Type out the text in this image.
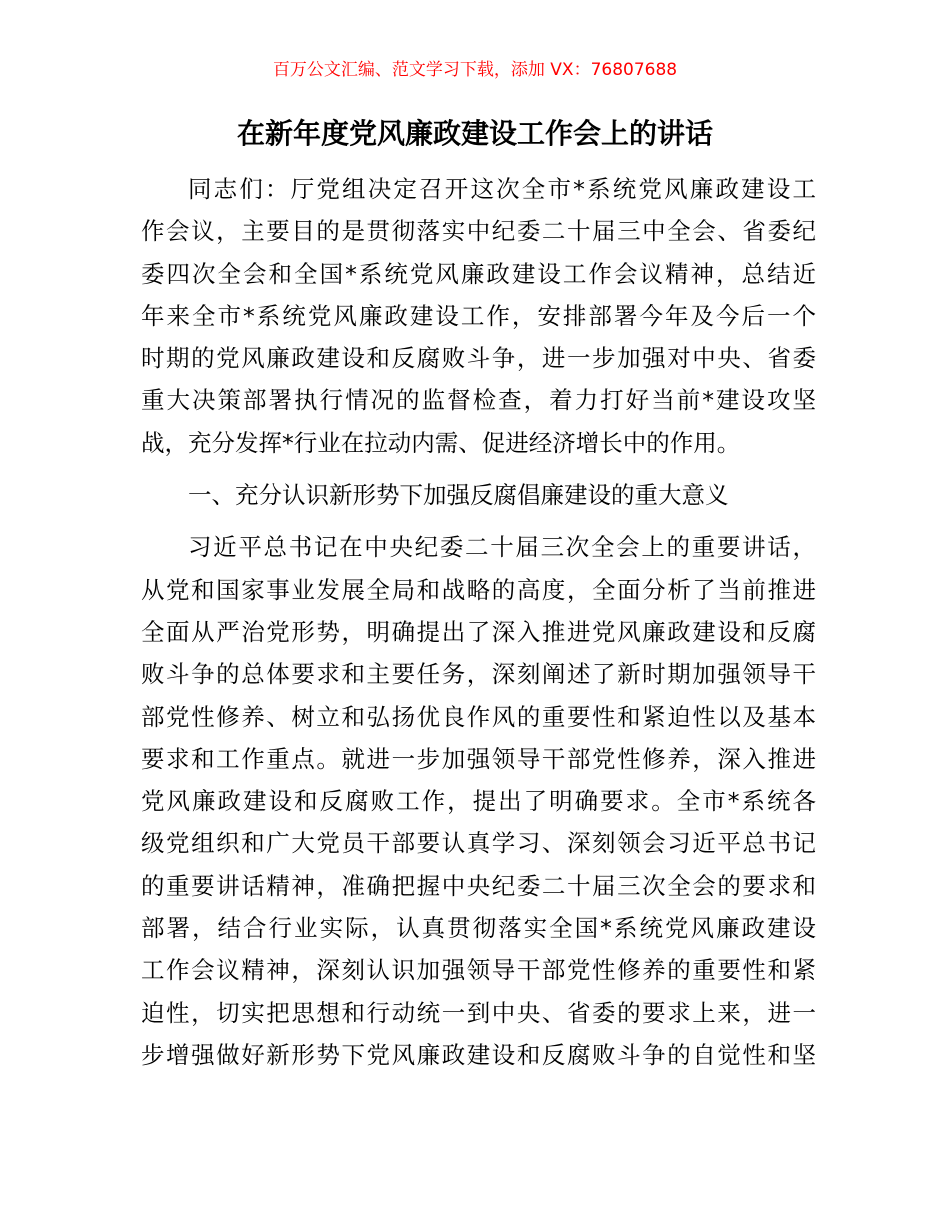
百万公文汇编、范文学习下载，添加 VX：76807688
在新年度党风廉政建设工作会上的讲话
同志们：厅党组决定召开这次全市*系统党风廉政建设工
作会议，主要目的是贯彻落实中纪委二十届三中全会、省委纪
委四次全会和全国*系统党风廉政建设工作会议精神，总结近
年来全市*系统党风廉政建设工作，安排部署今年及今后一个
时期的党风廉政建设和反腐败斗争，进一步加强对中央、省委
重大决策部署执行情况的监督检查，着力打好当前*建设攻坚
战，充分发挥*行业在拉动内需、促进经济增长中的作用。
一、充分认识新形势下加强反腐倡廉建设的重大意义
习近平总书记在中央纪委二十届三次全会上的重要讲话，
从党和国家事业发展全局和战略的高度，全面分析了当前推进
全面从严治党形势，明确提出了深入推进党风廉政建设和反腐
败斗争的总体要求和主要任务，深刻阐述了新时期加强领导干
部党性修养、树立和弘扬优良作风的重要性和紧迫性以及基本
要求和工作重点。就进一步加强领导干部党性修养，深入推进
党风廉政建设和反腐败工作，提出了明确要求。全市*系统各
级党组织和广大党员干部要认真学习、深刻领会习近平总书记
的重要讲话精神，准确把握中央纪委二十届三次全会的要求和
部署，结合行业实际，认真贯彻落实全国*系统党风廉政建设
工作会议精神，深刻认识加强领导干部党性修养的重要性和紧
迫性，切实把思想和行动统一到中央、省委的要求上来，进一
步增强做好新形势下党风廉政建设和反腐败斗争的自觉性和坚
